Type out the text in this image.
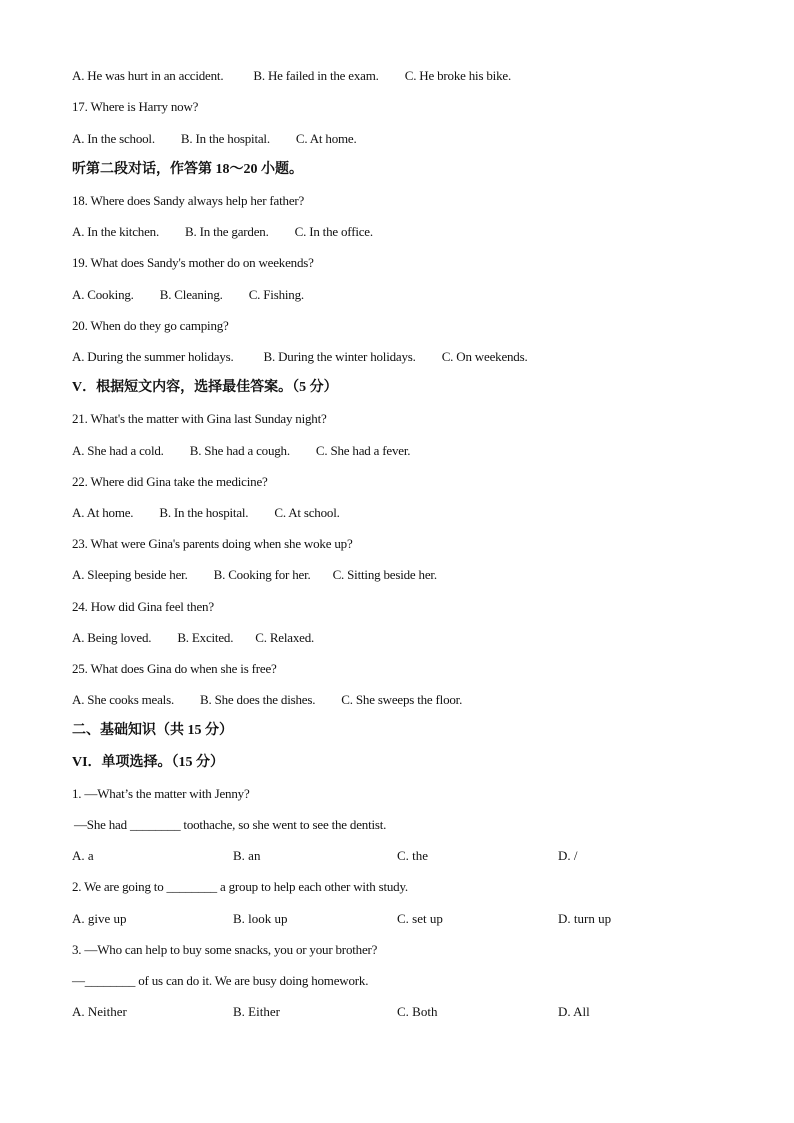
A. He was hurt in an accident. B. He failed in the exam. C. He broke his bike.
17. Where is Harry now?
A. In the school. B. In the hospital. C. At home.
听第二段对话，作答第 18～20 小题。
18. Where does Sandy always help her father?
A. In the kitchen. B. In the garden. C. In the office.
19. What does Sandy's mother do on weekends?
A. Cooking. B. Cleaning. C. Fishing.
20. When do they go camping?
A. During the summer holidays. B. During the winter holidays. C. On weekends.
V．根据短文内容，选择最佳答案。（5 分）
21. What's the matter with Gina last Sunday night?
A. She had a cold. B. She had a cough. C. She had a fever.
22. Where did Gina take the medicine?
A. At home. B. In the hospital. C. At school.
23. What were Gina's parents doing when she woke up?
A. Sleeping beside her. B. Cooking for her. C. Sitting beside her.
24. How did Gina feel then?
A. Being loved. B. Excited. C. Relaxed.
25. What does Gina do when she is free?
A. She cooks meals. B. She does the dishes. C. She sweeps the floor.
二、基础知识（共 15 分）
VI．单项选择。（15 分）
1. —What’s the matter with Jenny?
—She had ________ toothache, so she went to see the dentist.
A. a	B. an	C. the	D. /
2. We are going to ________ a group to help each other with study.
A. give up	B. look up	C. set up	D. turn up
3. —Who can help to buy some snacks, you or your brother?
—________ of us can do it. We are busy doing homework.
A. Neither	B. Either	C. Both	D. All
